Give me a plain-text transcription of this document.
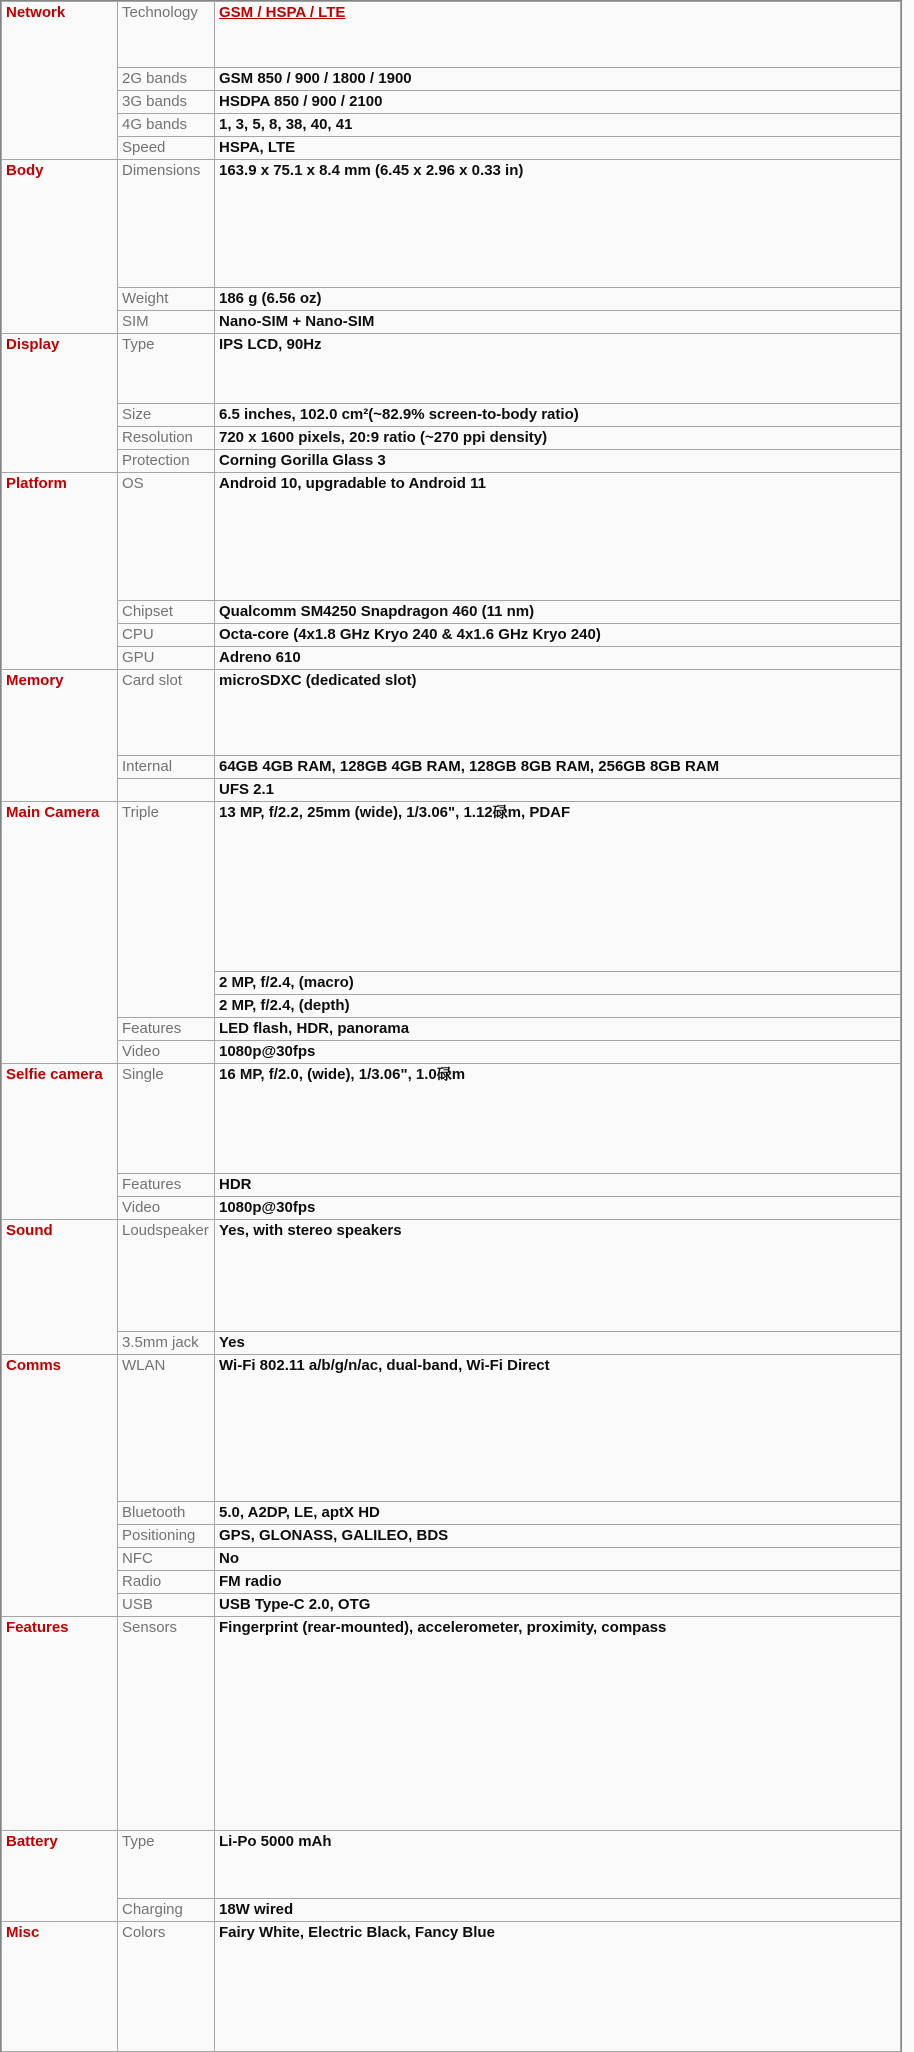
Network	Technology	GSM / HSPA / LTE
	2G bands	GSM 850 / 900 / 1800 / 1900
	3G bands	HSDPA 850 / 900 / 2100
	4G bands	1, 3, 5, 8, 38, 40, 41
	Speed	HSPA, LTE
Body	Dimensions	163.9 x 75.1 x 8.4 mm (6.45 x 2.96 x 0.33 in)
	Weight	186 g (6.56 oz)
	SIM	Nano-SIM + Nano-SIM
Display	Type	IPS LCD, 90Hz
	Size	6.5 inches, 102.0 cm²(~82.9% screen-to-body ratio)
	Resolution	720 x 1600 pixels, 20:9 ratio (~270 ppi density)
	Protection	Corning Gorilla Glass 3
Platform	OS	Android 10, upgradable to Android 11
	Chipset	Qualcomm SM4250 Snapdragon 460 (11 nm)
	CPU	Octa-core (4x1.8 GHz Kryo 240 & 4x1.6 GHz Kryo 240)
	GPU	Adreno 610
Memory	Card slot	microSDXC (dedicated slot)
	Internal	64GB 4GB RAM, 128GB 4GB RAM, 128GB 8GB RAM, 256GB 8GB RAM
		UFS 2.1
Main Camera	Triple	13 MP, f/2.2, 25mm (wide), 1/3.06", 1.12碌m, PDAF
		2 MP, f/2.4, (macro)
		2 MP, f/2.4, (depth)
	Features	LED flash, HDR, panorama
	Video	1080p@30fps
Selfie camera	Single	16 MP, f/2.0, (wide), 1/3.06", 1.0碌m
	Features	HDR
	Video	1080p@30fps
Sound	Loudspeaker	Yes, with stereo speakers
	3.5mm jack	Yes
Comms	WLAN	Wi-Fi 802.11 a/b/g/n/ac, dual-band, Wi-Fi Direct
	Bluetooth	5.0, A2DP, LE, aptX HD
	Positioning	GPS, GLONASS, GALILEO, BDS
	NFC	No
	Radio	FM radio
	USB	USB Type-C 2.0, OTG
Features	Sensors	Fingerprint (rear-mounted), accelerometer, proximity, compass
Battery	Type	Li-Po 5000 mAh
	Charging	18W wired
Misc	Colors	Fairy White, Electric Black, Fancy Blue
